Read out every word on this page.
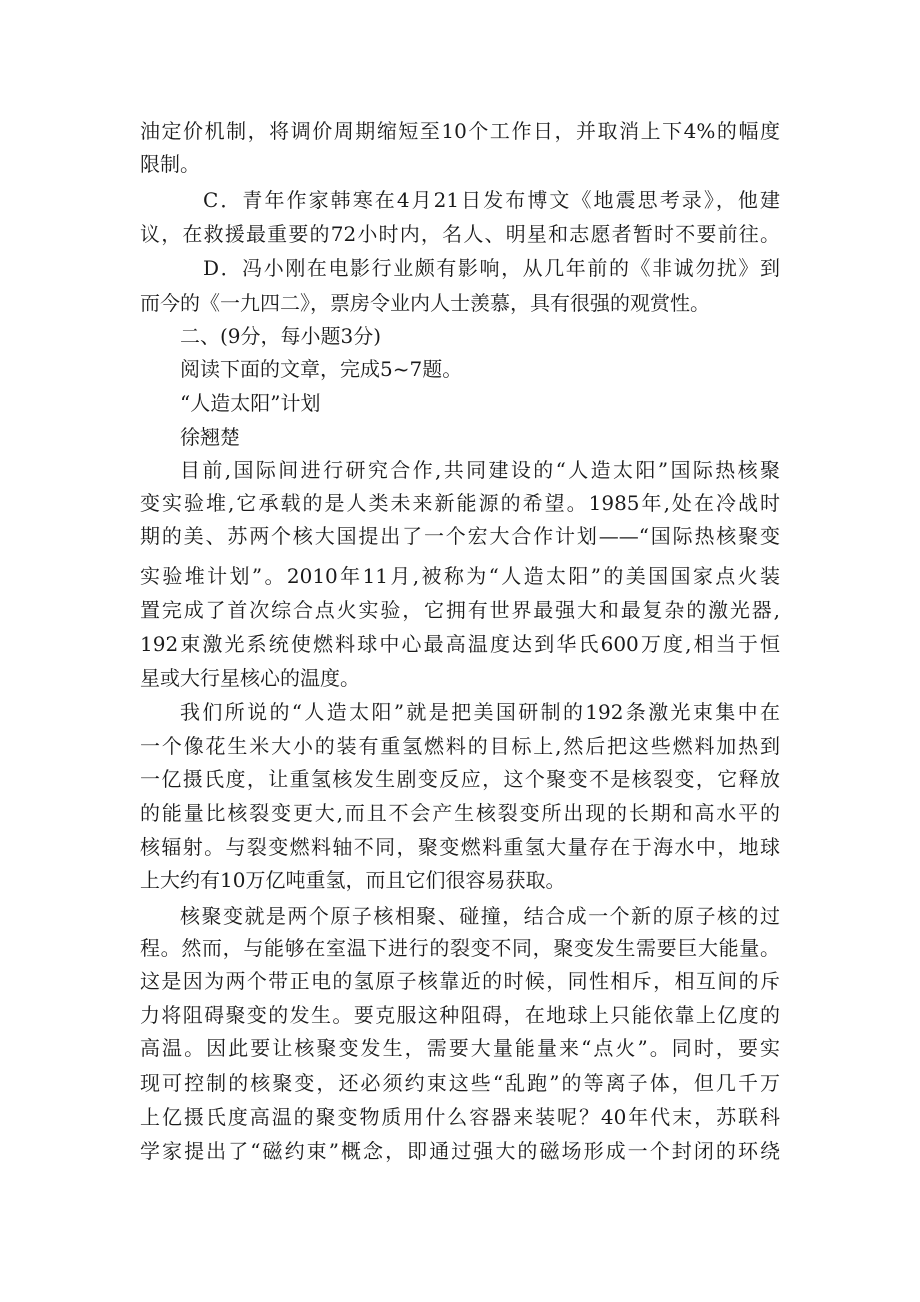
油定价机制，将调价周期缩短至10个工作日，并取消上下4%的幅度
限制。
C．青年作家韩寒在4月21日发布博文《地震思考录》，他建
议，在救援最重要的72小时内，名人、明星和志愿者暂时不要前往。
D．冯小刚在电影行业颇有影响，从几年前的《非诚勿扰》到
而今的《一九四二》，票房令业内人士羡慕，具有很强的观赏性。
二、(9分，每小题3分)
阅读下面的文章，完成5~7题。
“人造太阳”计划
徐翘楚
目前,国际间进行研究合作,共同建设的“人造太阳”国际热核聚
变实验堆,它承载的是人类未来新能源的希望。1985年,处在冷战时
期的美、苏两个核大国提出了一个宏大合作计划——“国际热核聚变
实验堆计划”。2010年11月,被称为“人造太阳”的美国国家点火装
置完成了首次综合点火实验，它拥有世界最强大和最复杂的激光器,
192束激光系统使燃料球中心最高温度达到华氏600万度,相当于恒
星或大行星核心的温度。
我们所说的“人造太阳”就是把美国研制的192条激光束集中在
一个像花生米大小的装有重氢燃料的目标上,然后把这些燃料加热到
一亿摄氏度，让重氢核发生剧变反应，这个聚变不是核裂变，它释放
的能量比核裂变更大,而且不会产生核裂变所出现的长期和高水平的
核辐射。与裂变燃料轴不同，聚变燃料重氢大量存在于海水中，地球
上大约有10万亿吨重氢，而且它们很容易获取。
核聚变就是两个原子核相聚、碰撞，结合成一个新的原子核的过
程。然而，与能够在室温下进行的裂变不同，聚变发生需要巨大能量。
这是因为两个带正电的氢原子核靠近的时候，同性相斥，相互间的斥
力将阻碍聚变的发生。要克服这种阻碍，在地球上只能依靠上亿度的
高温。因此要让核聚变发生，需要大量能量来“点火”。同时，要实
现可控制的核聚变，还必须约束这些“乱跑”的等离子体，但几千万
上亿摄氏度高温的聚变物质用什么容器来装呢？40年代末，苏联科
学家提出了“磁约束”概念，即通过强大的磁场形成一个封闭的环绕
